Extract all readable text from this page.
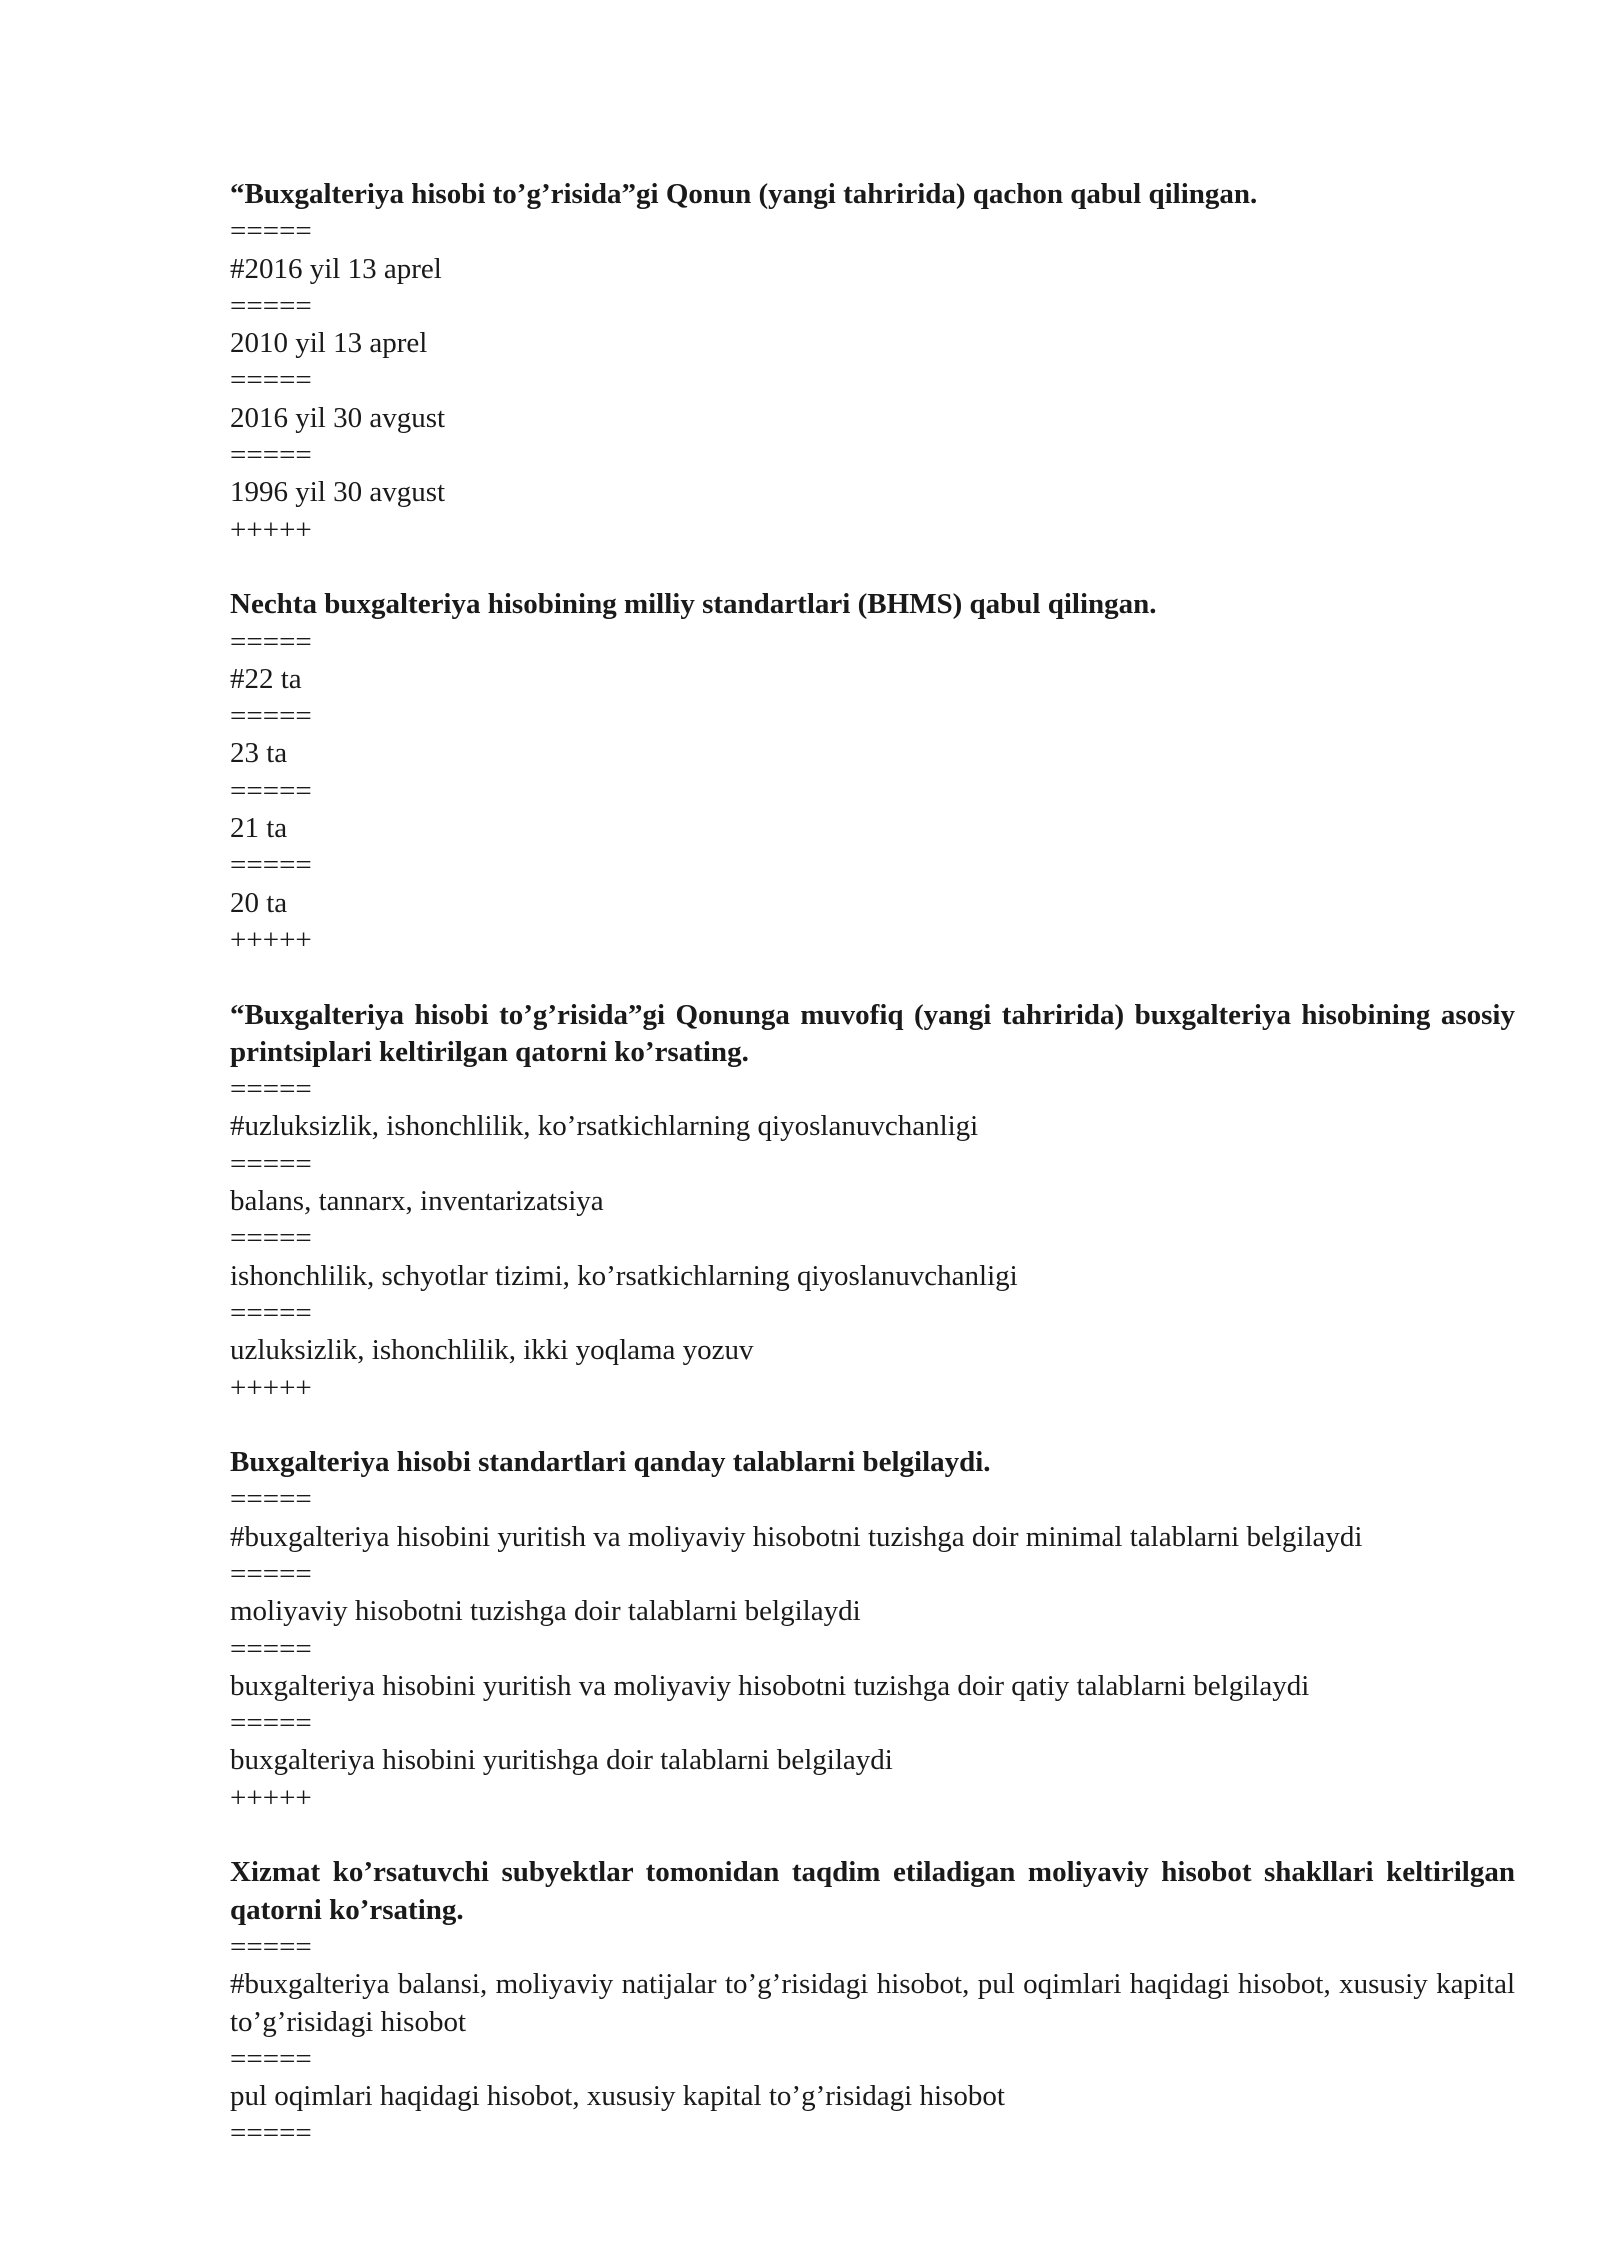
“Buxgalteriya hisobi to’g’risida”gi Qonun (yangi tahririda) qachon qabul qilingan.

=====

#2016 yil 13 aprel

=====

2010 yil 13 aprel

=====

2016 yil 30 avgust

=====

1996 yil 30 avgust

+++++

Nechta buxgalteriya hisobining milliy standartlari (BHMS) qabul qilingan.

=====

#22 ta

=====

23 ta

=====

21 ta

=====

20 ta

+++++

“Buxgalteriya hisobi to’g’risida”gi Qonunga muvofiq (yangi tahririda) buxgalteriya hisobining asosiy printsiplari keltirilgan qatorni ko’rsating.

=====

#uzluksizlik, ishonchlilik, ko’rsatkichlarning qiyoslanuvchanligi

=====

balans, tannarx, inventarizatsiya

=====

ishonchlilik, schyotlar tizimi, ko’rsatkichlarning qiyoslanuvchanligi

=====

uzluksizlik, ishonchlilik, ikki yoqlama yozuv

+++++

Buxgalteriya hisobi standartlari qanday talablarni belgilaydi.

=====

#buxgalteriya hisobini yuritish va moliyaviy hisobotni tuzishga doir minimal talablarni belgilaydi

=====

moliyaviy hisobotni tuzishga doir talablarni belgilaydi

=====

buxgalteriya hisobini yuritish va moliyaviy hisobotni tuzishga doir qatiy talablarni belgilaydi

=====

buxgalteriya hisobini yuritishga doir talablarni belgilaydi

+++++

Xizmat ko’rsatuvchi subyektlar tomonidan taqdim etiladigan moliyaviy hisobot shakllari keltirilgan qatorni ko’rsating.

=====

#buxgalteriya balansi, moliyaviy natijalar to’g’risidagi hisobot, pul oqimlari haqidagi hisobot, xususiy kapital to’g’risidagi hisobot

=====

pul oqimlari haqidagi hisobot, xususiy kapital to’g’risidagi hisobot

=====
